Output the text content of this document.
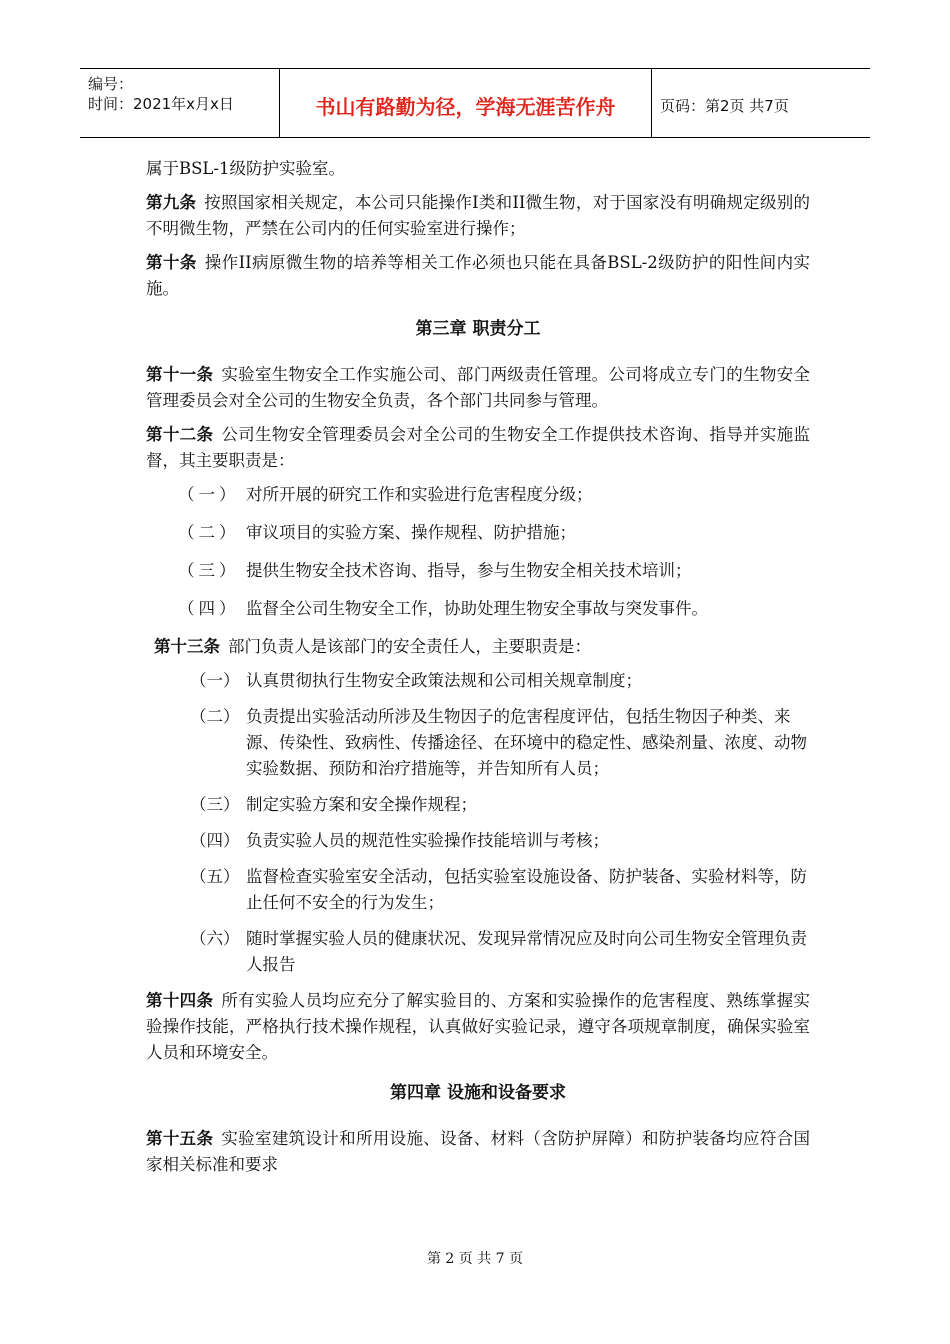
编号：
时间：2021年x月x日	书山有路勤为径，学海无涯苦作舟	页码：第2页 共7页

属于BSL-1级防护实验室。

第九条 按照国家相关规定，本公司只能操作I类和II微生物，对于国家没有明确规定级别的不明微生物，严禁在公司内的任何实验室进行操作；

第十条 操作II病原微生物的培养等相关工作必须也只能在具备BSL-2级防护的阳性间内实施。

第三章 职责分工

第十一条 实验室生物安全工作实施公司、部门两级责任管理。公司将成立专门的生物安全管理委员会对全公司的生物安全负责，各个部门共同参与管理。

第十二条 公司生物安全管理委员会对全公司的生物安全工作提供技术咨询、指导并实施监督，其主要职责是：

（一） 对所开展的研究工作和实验进行危害程度分级；
（二） 审议项目的实验方案、操作规程、防护措施；
（三） 提供生物安全技术咨询、指导，参与生物安全相关技术培训；
（四） 监督全公司生物安全工作，协助处理生物安全事故与突发事件。

第十三条 部门负责人是该部门的安全责任人，主要职责是：

（一） 认真贯彻执行生物安全政策法规和公司相关规章制度；
（二） 负责提出实验活动所涉及生物因子的危害程度评估，包括生物因子种类、来源、传染性、致病性、传播途径、在环境中的稳定性、感染剂量、浓度、动物实验数据、预防和治疗措施等，并告知所有人员；
（三） 制定实验方案和安全操作规程；
（四） 负责实验人员的规范性实验操作技能培训与考核；
（五） 监督检查实验室安全活动，包括实验室设施设备、防护装备、实验材料等，防止任何不安全的行为发生；
（六） 随时掌握实验人员的健康状况、发现异常情况应及时向公司生物安全管理负责人报告

第十四条 所有实验人员均应充分了解实验目的、方案和实验操作的危害程度、熟练掌握实验操作技能，严格执行技术操作规程，认真做好实验记录，遵守各项规章制度，确保实验室人员和环境安全。

第四章 设施和设备要求

第十五条 实验室建筑设计和所用设施、设备、材料（含防护屏障）和防护装备均应符合国家相关标准和要求

第 2 页 共 7 页
